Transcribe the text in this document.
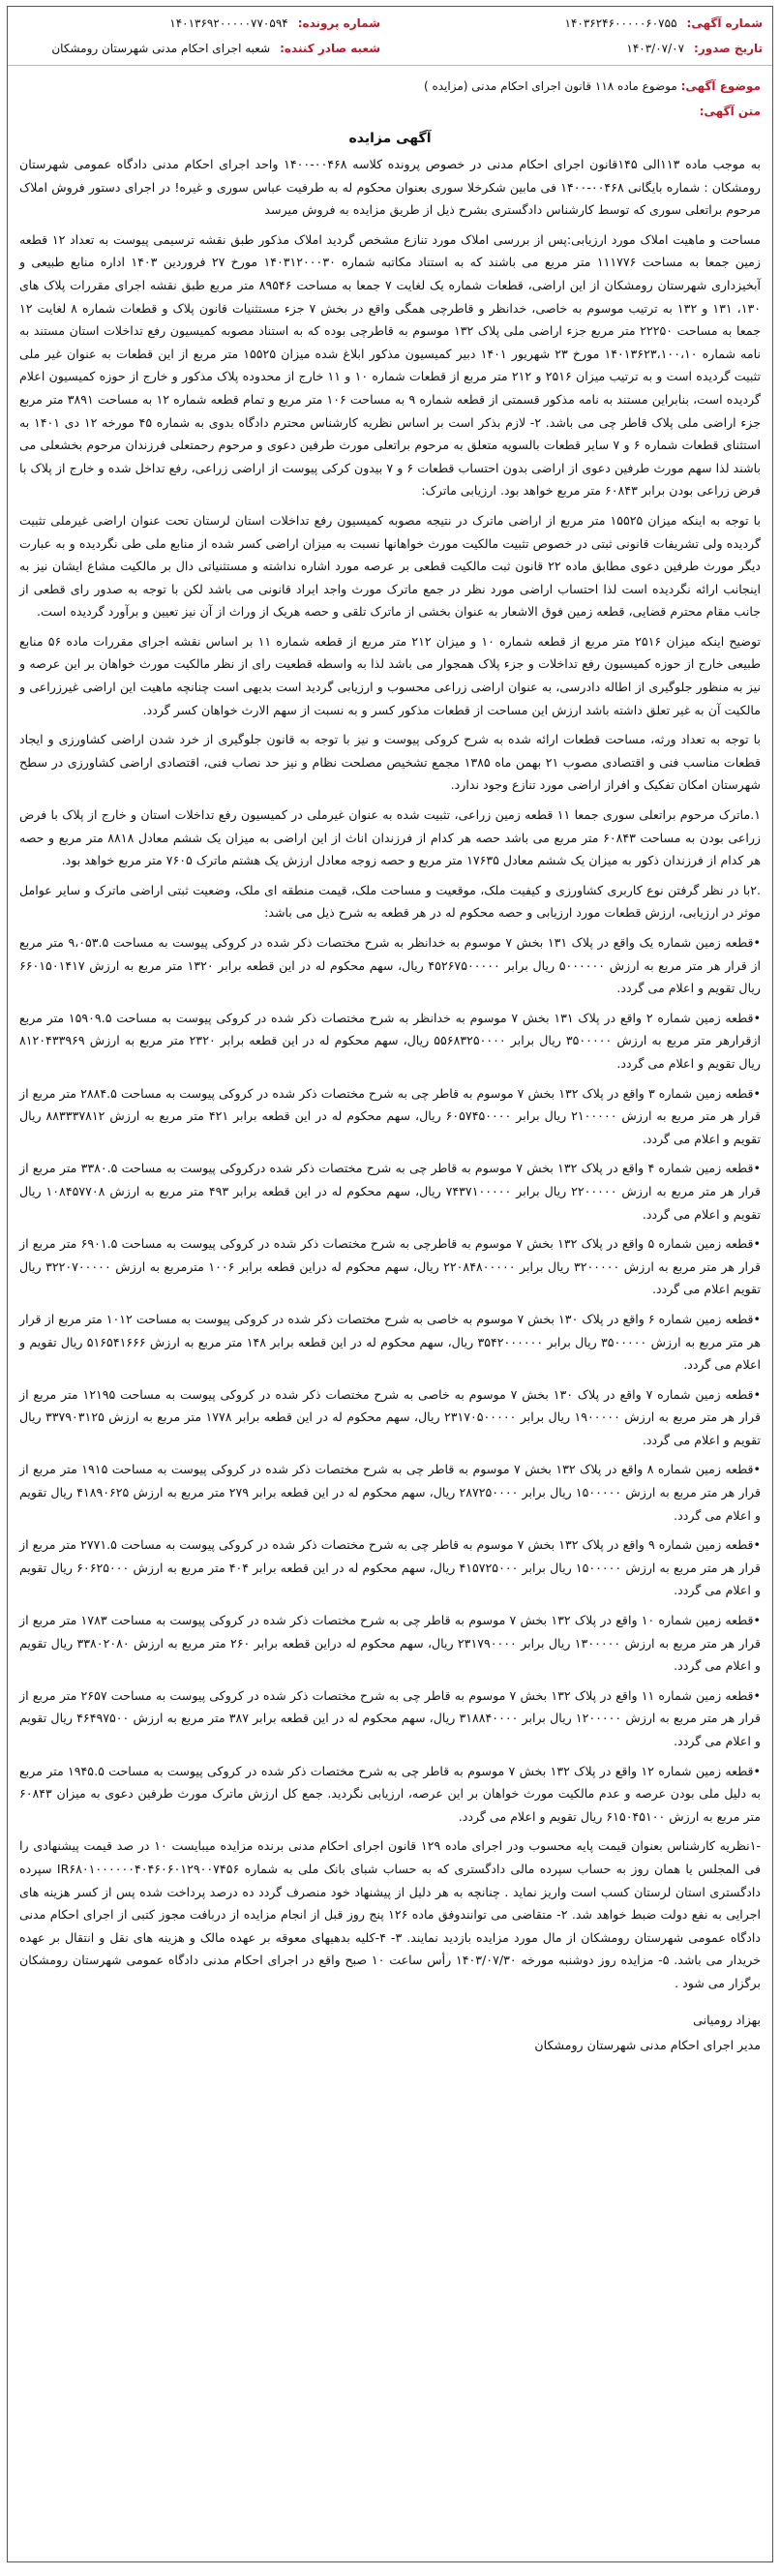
شماره آگهی:
۱۴۰۳۶۲۴۶۰۰۰۰۰۶۰۷۵۵
تاریخ صدور:
۱۴۰۳/۰۷/۰۷
شماره پرونده:
۱۴۰۱۳۶۹۲۰۰۰۰۰۷۷۰۵۹۴
شعبه صادر کننده:
شعبه اجرای احکام مدنی شهرستان رومشکان
موضوع آگهی: موضوع ماده ۱۱۸ قانون اجرای احکام مدنی (مزایده )
متن آگهی:
آگهی مزایده

به موجب ماده ۱۱۳الی ۱۴۵قانون اجرای احکام مدنی در خصوص پرونده کلاسه ۰۰۴۶۸-۱۴۰۰ واحد اجرای احکام مدنی دادگاه عمومی شهرستان رومشکان : شماره بایگانی ۰۰۴۶۸-۱۴۰۰ فی مابین شکرخلا سوری بعنوان محکوم له به طرفیت عباس سوری و غیره! در اجرای دستور فروش املاک مرحوم براتعلی سوری که توسط کارشناس دادگستری بشرح ذیل از طریق مزایده به فروش میرسد

مساحت و ماهیت املاک مورد ارزیابی:پس از بررسی املاک مورد تنازع مشخص گردید املاک مذکور طبق نقشه ترسیمی پیوست به تعداد ۱۲ قطعه زمین جمعا به مساحت ۱۱۱۷۷۶ متر مربع می باشند که به استناد مکاتبه شماره ۱۴۰۳۱۲۰۰۰۳۰ مورخ ۲۷ فروردین ۱۴۰۳ اداره منابع طبیعی و آبخیزداری شهرستان رومشکان از این اراضی، قطعات شماره یک لغایت ۷ جمعا به مساحت ۸۹۵۴۶ متر مربع طبق نقشه اجرای مقررات پلاک های ۱۳۰، ۱۳۱ و ۱۳۲ به ترتیب موسوم به خاصی، خدانظر و قاطرچی همگی واقع در بخش ۷ جزء مستثنیات قانون پلاک و قطعات شماره ۸ لغایت ۱۲ جمعا به مساحت ۲۲۲۵۰ متر مربع جزء اراضی ملی پلاک ۱۳۲ موسوم به قاطرچی بوده که به استناد مصوبه کمیسیون رفع تداخلات استان مستند به نامه شماره ۱۴۰۱۳۶۲۳،۱۰۰،۱۰ مورخ ۲۳ شهریور ۱۴۰۱ دبیر کمیسیون مذکور ابلاغ شده میزان ۱۵۵۲۵ متر مربع از این قطعات به عنوان غیر ملی تثبیت گردیده است و به ترتیب میزان ۲۵۱۶ و ۲۱۲ متر مربع از قطعات شماره ۱۰ و ۱۱ خارج از محدوده پلاک مذکور و خارج از حوزه کمیسیون اعلام گردیده است، بنابراین مستند به نامه مذکور قسمتی از قطعه شماره ۹ به مساحت ۱۰۶ متر مربع و تمام قطعه شماره ۱۲ به مساحت ۳۸۹۱ متر مربع جزء اراضی ملی پلاک قاطر چی می باشد. ۲- لازم بذکر است بر اساس نظریه کارشناس محترم دادگاه بدوی به شماره ۴۵ مورخه ۱۲ دی ۱۴۰۱ به استثنای قطعات شماره ۶ و ۷ سایر قطعات بالسویه متعلق به مرحوم براتعلی مورث طرفین دعوی و مرحوم رحمتعلی فرزندان مرحوم بخشعلی می باشند لذا سهم مورث طرفین دعوی از اراضی بدون احتساب قطعات ۶ و ۷ بیدون کرکی پیوست از اراضی زراعی، رفع تداخل شده و خارج از پلاک با فرض زراعی بودن برابر ۶۰۸۴۳ متر مربع خواهد بود. ارزیابی ماترک:

با توجه به اینکه میزان ۱۵۵۲۵ متر مربع از اراضی ماترک در نتیجه مصوبه کمیسیون رفع تداخلات استان لرستان تحت عنوان اراضی غیرملی تثبیت گردیده ولی تشریفات قانونی ثبتی در خصوص تثبیت مالکیت مورث خواهانها نسبت به میزان اراضی کسر شده از منابع ملی طی نگردیده و به عبارت دیگر مورث طرفین دعوی مطابق ماده ۲۲ قانون ثبت مالکیت قطعی بر عرصه مورد اشاره نداشته و مستثنیاتی دال بر مالکیت مشاع ایشان نیز به اینجانب ارائه نگردیده است لذا احتساب اراضی مورد نظر در جمع ماترک مورث واجد ایراد قانونی می باشد لکن با توجه به صدور رای قطعی از جانب مقام محترم قضایی، قطعه زمین فوق الاشعار به عنوان بخشی از ماترک تلقی و حصه هریک از وراث از آن نیز تعیین و برآورد گردیده است.

توضیح اینکه میزان ۲۵۱۶ متر مربع از قطعه شماره ۱۰ و میزان ۲۱۲ متر مربع از قطعه شماره ۱۱ بر اساس نقشه اجرای مقررات ماده ۵۶ منابع طبیعی خارج از حوزه کمیسیون رفع تداخلات و جزء پلاک همجوار می باشد لذا به واسطه قطعیت رای از نظر مالکیت مورث خواهان بر این عرصه و نیز به منظور جلوگیری از اطاله دادرسی، به عنوان اراضی زراعی محسوب و ارزیابی گردید است بدیهی است چنانچه ماهیت این اراضی غیرزراعی و مالکیت آن به غیر تعلق داشته باشد ارزش این مساحت از قطعات مذکور کسر و به نسبت از سهم الارث خواهان کسر گردد.

با توجه به تعداد ورثه، مساحت قطعات ارائه شده به شرح کروکی پیوست و نیز با توجه به قانون جلوگیری از خرد شدن اراضی کشاورزی و ایجاد قطعات مناسب فنی و اقتصادی مصوب ۲۱ بهمن ماه ۱۳۸۵ مجمع تشخیص مصلحت نظام و نیز حد نصاب فنی، اقتصادی اراضی کشاورزی در سطح شهرستان امکان تفکیک و افراز اراضی مورد تنازع وجود ندارد.

۱.ماترک مرحوم براتعلی سوری جمعا ۱۱ قطعه زمین زراعی، تثبیت شده به عنوان غیرملی در کمیسیون رفع تداخلات استان و خارج از پلاک با فرض زراعی بودن به مساحت ۶۰۸۴۳ متر مربع می باشد حصه هر کدام از فرزندان اناث از این اراضی به میزان یک ششم معادل ۸۸۱۸ متر مربع و حصه هر کدام از فرزندان ذکور به میزان یک ششم معادل ۱۷۶۳۵ متر مربع و حصه زوجه معادل ارزش یک هشتم ماترک ۷۶۰۵ متر مربع خواهد بود.

.۲با در نظر گرفتن نوع کاربری کشاورزی و کیفیت ملک، موقعیت و مساحت ملک، قیمت منطقه ای ملک، وضعیت ثبتی اراضی ماترک و سایر عوامل موثر در ارزیابی، ارزش قطعات مورد ارزیابی و حصه محکوم له در هر قطعه به شرح ذیل می باشد:

•قطعه زمین شماره یک واقع در پلاک ۱۳۱ بخش ۷ موسوم به خدانظر به شرح مختصات ذکر شده در کروکی پیوست به مساحت ۹،۰۵۳.۵ متر مربع از قرار هر متر مربع به ارزش ۵۰۰۰۰۰۰ ریال برابر ۴۵۲۶۷۵۰۰۰۰۰ ریال، سهم محکوم له در این قطعه برابر ۱۳۲۰ متر مربع به ارزش ۶۶۰۱۵۰۱۴۱۷ ریال تقویم و اعلام می گردد.

•قطعه زمین شماره ۲ واقع در پلاک ۱۳۱ بخش ۷ موسوم به خدانظر به شرح مختصات ذکر شده در کروکی پیوست به مساحت ۱۵۹۰۹.۵ متر مربع ازقرارهر متر مربع به ارزش ۳۵۰۰۰۰۰ ریال برابر ۵۵۶۸۳۲۵۰۰۰۰ ریال، سهم محکوم له در این قطعه برابر ۲۳۲۰ متر مربع به ارزش ۸۱۲۰۴۳۳۹۶۹ ریال تقویم و اعلام می گردد.

•قطعه زمین شماره ۳ واقع در پلاک ۱۳۲ بخش ۷ موسوم به قاطر چی به شرح مختصات ذکر شده در کروکی پیوست به مساحت ۲۸۸۴.۵ متر مربع از قرار هر متر مربع به ارزش ۲۱۰۰۰۰۰ ریال برابر ۶۰۵۷۴۵۰۰۰۰ ریال، سهم محکوم له در این قطعه برابر ۴۲۱ متر مربع به ارزش ۸۸۳۳۳۷۸۱۲ ریال تقویم و اعلام می گردد.

•قطعه زمین شماره ۴ واقع در پلاک ۱۳۲ بخش ۷ موسوم به قاطر چی به شرح مختصات ذکر شده درکروکی پیوست به مساحت ۳۳۸۰.۵ متر مربع از قرار هر متر مربع به ارزش ۲۲۰۰۰۰۰ ریال برابر ۷۴۳۷۱۰۰۰۰۰ ریال، سهم محکوم له در این قطعه برابر ۴۹۳ متر مربع به ارزش ۱۰۸۴۵۷۷۰۸ ریال تقویم و اعلام می گردد.

•قطعه زمین شماره ۵ واقع در پلاک ۱۳۲ بخش ۷ موسوم به قاطرچی به شرح مختصات ذکر شده در کروکی پیوست به مساحت ۶۹۰۱.۵ متر مربع از قرار هر متر مربع به ارزش ۳۲۰۰۰۰۰ ریال برابر ۲۲۰۸۴۸۰۰۰۰۰ ریال، سهم محکوم له دراین قطعه برابر ۱۰۰۶ مترمربع به ارزش ۳۲۲۰۷۰۰۰۰۰ ریال تقویم اعلام می گردد.

•قطعه زمین شماره ۶ واقع در پلاک ۱۳۰ بخش ۷ موسوم به خاصی به شرح مختصات ذکر شده در کروکی پیوست به مساحت ۱۰۱۲ متر مربع از قرار هر متر مربع به ارزش ۳۵۰۰۰۰۰ ریال برابر ۳۵۴۲۰۰۰۰۰۰ ریال، سهم محکوم له در این قطعه برابر ۱۴۸ متر مربع به ارزش ۵۱۶۵۴۱۶۶۶ ریال تقویم و اعلام می گردد.

•قطعه زمین شماره ۷ واقع در پلاک ۱۳۰ بخش ۷ موسوم به خاصی به شرح مختصات ذکر شده در کروکی پیوست به مساحت ۱۲۱۹۵ متر مربع از قرار هر متر مربع به ارزش ۱۹۰۰۰۰۰ ریال برابر ۲۳۱۷۰۵۰۰۰۰۰ ریال، سهم محکوم له در این قطعه برابر ۱۷۷۸ متر مربع به ارزش ۳۳۷۹۰۳۱۲۵ ریال تقویم و اعلام می گردد.

•قطعه زمین شماره ۸ واقع در پلاک ۱۳۲ بخش ۷ موسوم به قاطر چی به شرح مختصات ذکر شده در کروکی پیوست به مساحت ۱۹۱۵ متر مربع از قرار هر متر مربع به ارزش ۱۵۰۰۰۰۰ ریال برابر ۲۸۷۲۵۰۰۰۰ ریال، سهم محکوم له در این قطعه برابر ۲۷۹ متر مربع به ارزش ۴۱۸۹۰۶۲۵ ریال تقویم و اعلام می گردد.

•قطعه زمین شماره ۹ واقع در پلاک ۱۳۲ بخش ۷ موسوم به قاطر چی به شرح مختصات ذکر شده در کروکی پیوست به مساحت ۲۷۷۱.۵ متر مربع از قرار هر متر مربع به ارزش ۱۵۰۰۰۰۰ ریال برابر ۴۱۵۷۲۵۰۰۰ ریال، سهم محکوم له در این قطعه برابر ۴۰۴ متر مربع به ارزش ۶۰۶۲۵۰۰۰ ریال تقویم و اعلام می گردد.

•قطعه زمین شماره ۱۰ واقع در پلاک ۱۳۲ بخش ۷ موسوم به قاطر چی به شرح مختصات ذکر شده در کروکی پیوست به مساحت ۱۷۸۳ متر مربع از قرار هر متر مربع به ارزش ۱۳۰۰۰۰۰ ریال برابر ۲۳۱۷۹۰۰۰۰ ریال، سهم محکوم له دراین قطعه برابر ۲۶۰ متر مربع به ارزش ۳۳۸۰۲۰۸۰ ریال تقویم و اعلام می گردد.

•قطعه زمین شماره ۱۱ واقع در پلاک ۱۳۲ بخش ۷ موسوم به قاطر چی به شرح مختصات ذکر شده در کروکی پیوست به مساحت ۲۶۵۷ متر مربع از قرار هر متر مربع به ارزش ۱۲۰۰۰۰۰ ریال برابر ۳۱۸۸۴۰۰۰۰ ریال، سهم محکوم له در این قطعه برابر ۳۸۷ متر مربع به ارزش ۴۶۴۹۷۵۰۰ ریال تقویم و اعلام می گردد.

•قطعه زمین شماره ۱۲ واقع در پلاک ۱۳۲ بخش ۷ موسوم به قاطر چی به شرح مختصات ذکر شده در کروکی پیوست به مساحت ۱۹۴۵.۵ متر مربع به دلیل ملی بودن عرصه و عدم مالکیت مورث خواهان بر این عرصه، ارزیابی نگردید. جمع کل ارزش ماترک مورث طرفین دعوی به میزان ۶۰۸۴۳ متر مربع به ارزش ۶۱۵۰۴۵۱۰۰ ریال تقویم و اعلام می گردد.

-۱نظریه کارشناس بعنوان قیمت پایه محسوب ودر اجرای ماده ۱۲۹ قانون اجرای احکام مدنی برنده مزایده میبایست ۱۰ در صد قیمت پیشنهادی را فی المجلس یا همان روز به حساب سپرده مالی دادگستری که به حساب شبای بانک ملی به شماره IR۶۸۰۱۰۰۰۰۰۰۴۰۴۶۰۶۰۱۲۹۰۰۷۴۵۶ سپرده دادگستری استان لرستان کسب است واریز نماید . چنانچه به هر دلیل از پیشنهاد خود منصرف گردد ده درصد پرداخت شده پس از کسر هزینه های اجرایی به نفع دولت ضبط خواهد شد. ۲- متقاضی می توانندوفق ماده ۱۲۶ پنج روز قبل از انجام مزایده از دربافت مجوز کتبی از اجرای احکام مدنی دادگاه عمومی شهرستان رومشکان از مال مورد مزایده بازدید نمایند. ۳- ۴-کلیه بدهیهای معوقه بر عهده مالک و هزینه های نقل و انتقال بر عهده خریدار می باشد. ۵- مزایده روز دوشنبه مورخه ۱۴۰۳/۰۷/۳۰ رأس ساعت ۱۰ صبح واقع در اجرای احکام مدنی دادگاه عمومی شهرستان رومشکان برگزار می شود .

بهزاد رومیانی
مدیر اجرای احکام مدنی شهرستان رومشکان
